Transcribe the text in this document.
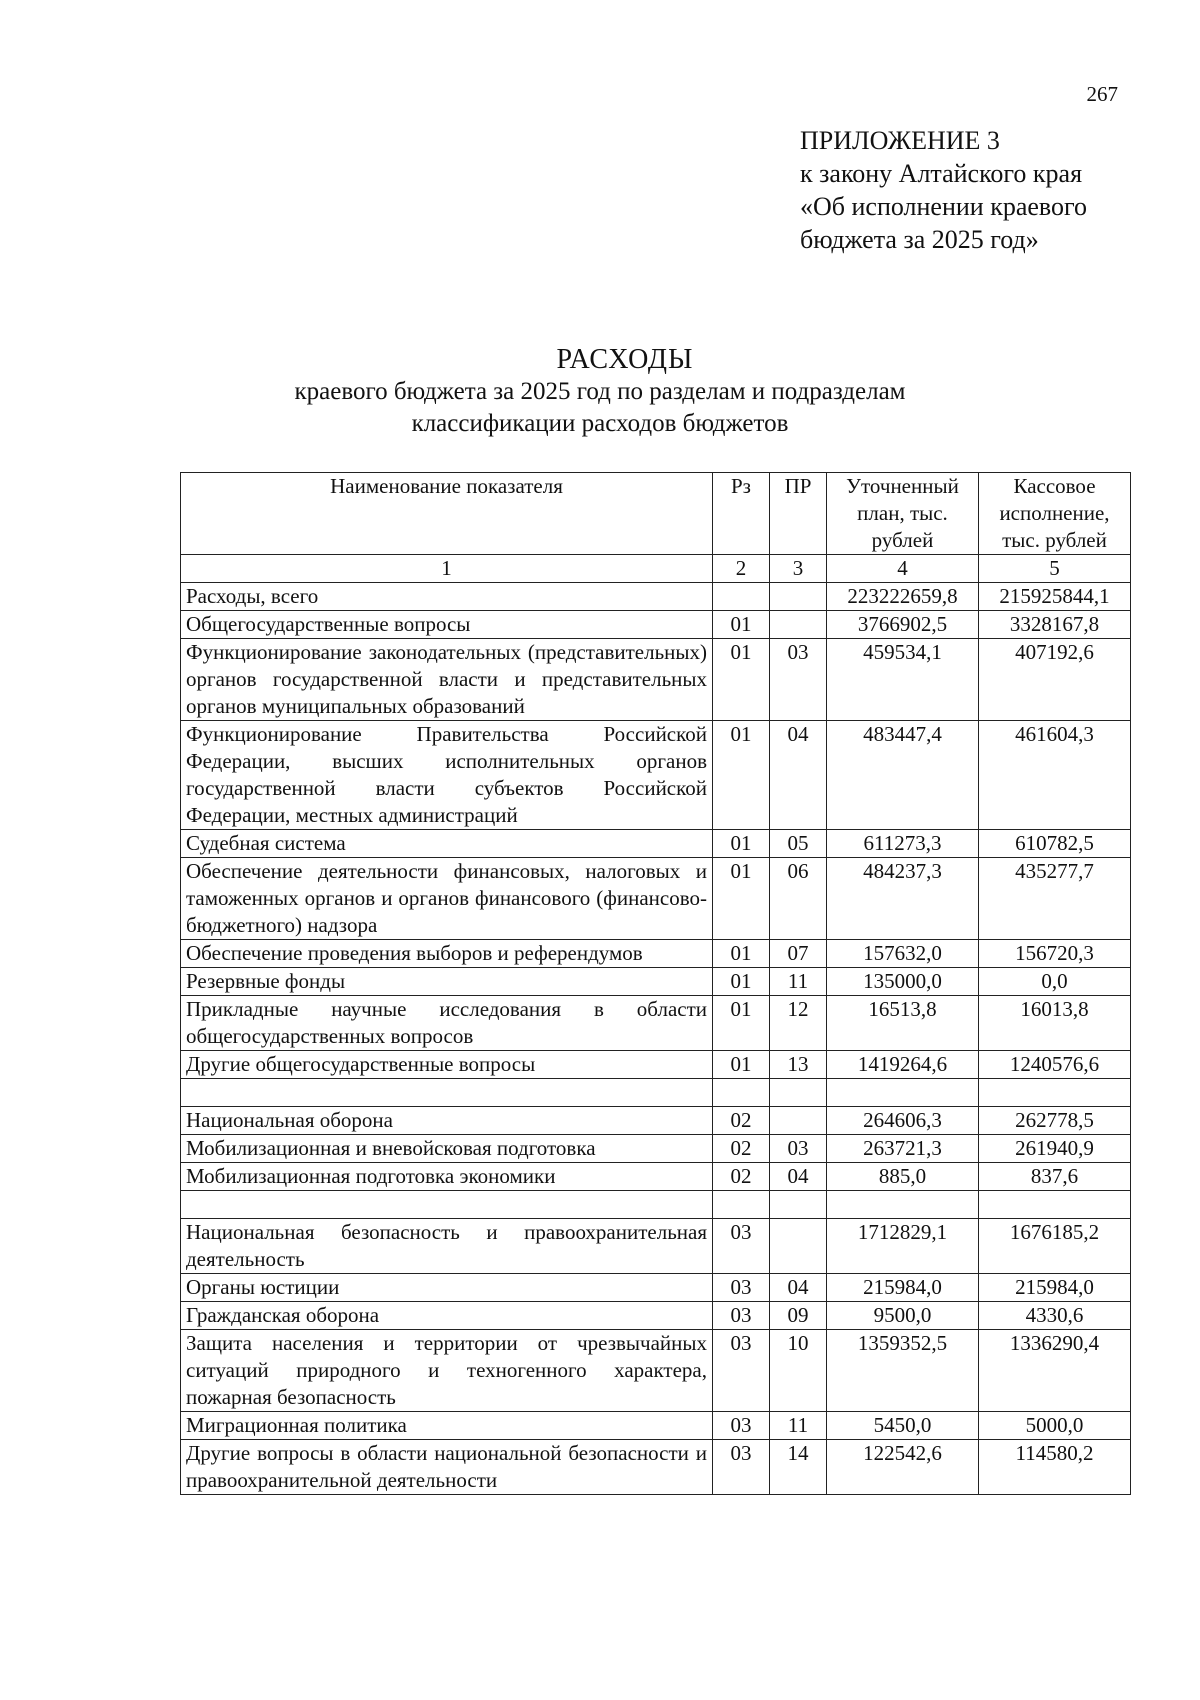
267
ПРИЛОЖЕНИЕ 3
к закону Алтайского края
«Об исполнении краевого
бюджета за 2025 год»
РАСХОДЫ
краевого бюджета за 2025 год по разделам и подразделам
классификации расходов бюджетов
Наименование показателя	Рз	ПР	Уточненный план, тыс. рублей	Кассовое исполнение, тыс. рублей
1	2	3	4	5
Расходы, всего			223222659,8	215925844,1
Общегосударственные вопросы	01		3766902,5	3328167,8
Функционирование законодательных (представительных) органов государственной власти и представительных органов муниципальных образований	01	03	459534,1	407192,6
Функционирование Правительства Российской Федерации, высших исполнительных органов государственной власти субъектов Российской Федерации, местных администраций	01	04	483447,4	461604,3
Судебная система	01	05	611273,3	610782,5
Обеспечение деятельности финансовых, налоговых и таможенных органов и органов финансового (финансово-бюджетного) надзора	01	06	484237,3	435277,7
Обеспечение проведения выборов и референдумов	01	07	157632,0	156720,3
Резервные фонды	01	11	135000,0	0,0
Прикладные научные исследования в области общегосударственных вопросов	01	12	16513,8	16013,8
Другие общегосударственные вопросы	01	13	1419264,6	1240576,6

Национальная оборона	02		264606,3	262778,5
Мобилизационная и вневойсковая подготовка	02	03	263721,3	261940,9
Мобилизационная подготовка экономики	02	04	885,0	837,6

Национальная безопасность и правоохранительная деятельность	03		1712829,1	1676185,2
Органы юстиции	03	04	215984,0	215984,0
Гражданская оборона	03	09	9500,0	4330,6
Защита населения и территории от чрезвычайных ситуаций природного и техногенного характера, пожарная безопасность	03	10	1359352,5	1336290,4
Миграционная политика	03	11	5450,0	5000,0
Другие вопросы в области национальной безопасности и правоохранительной деятельности	03	14	122542,6	114580,2
